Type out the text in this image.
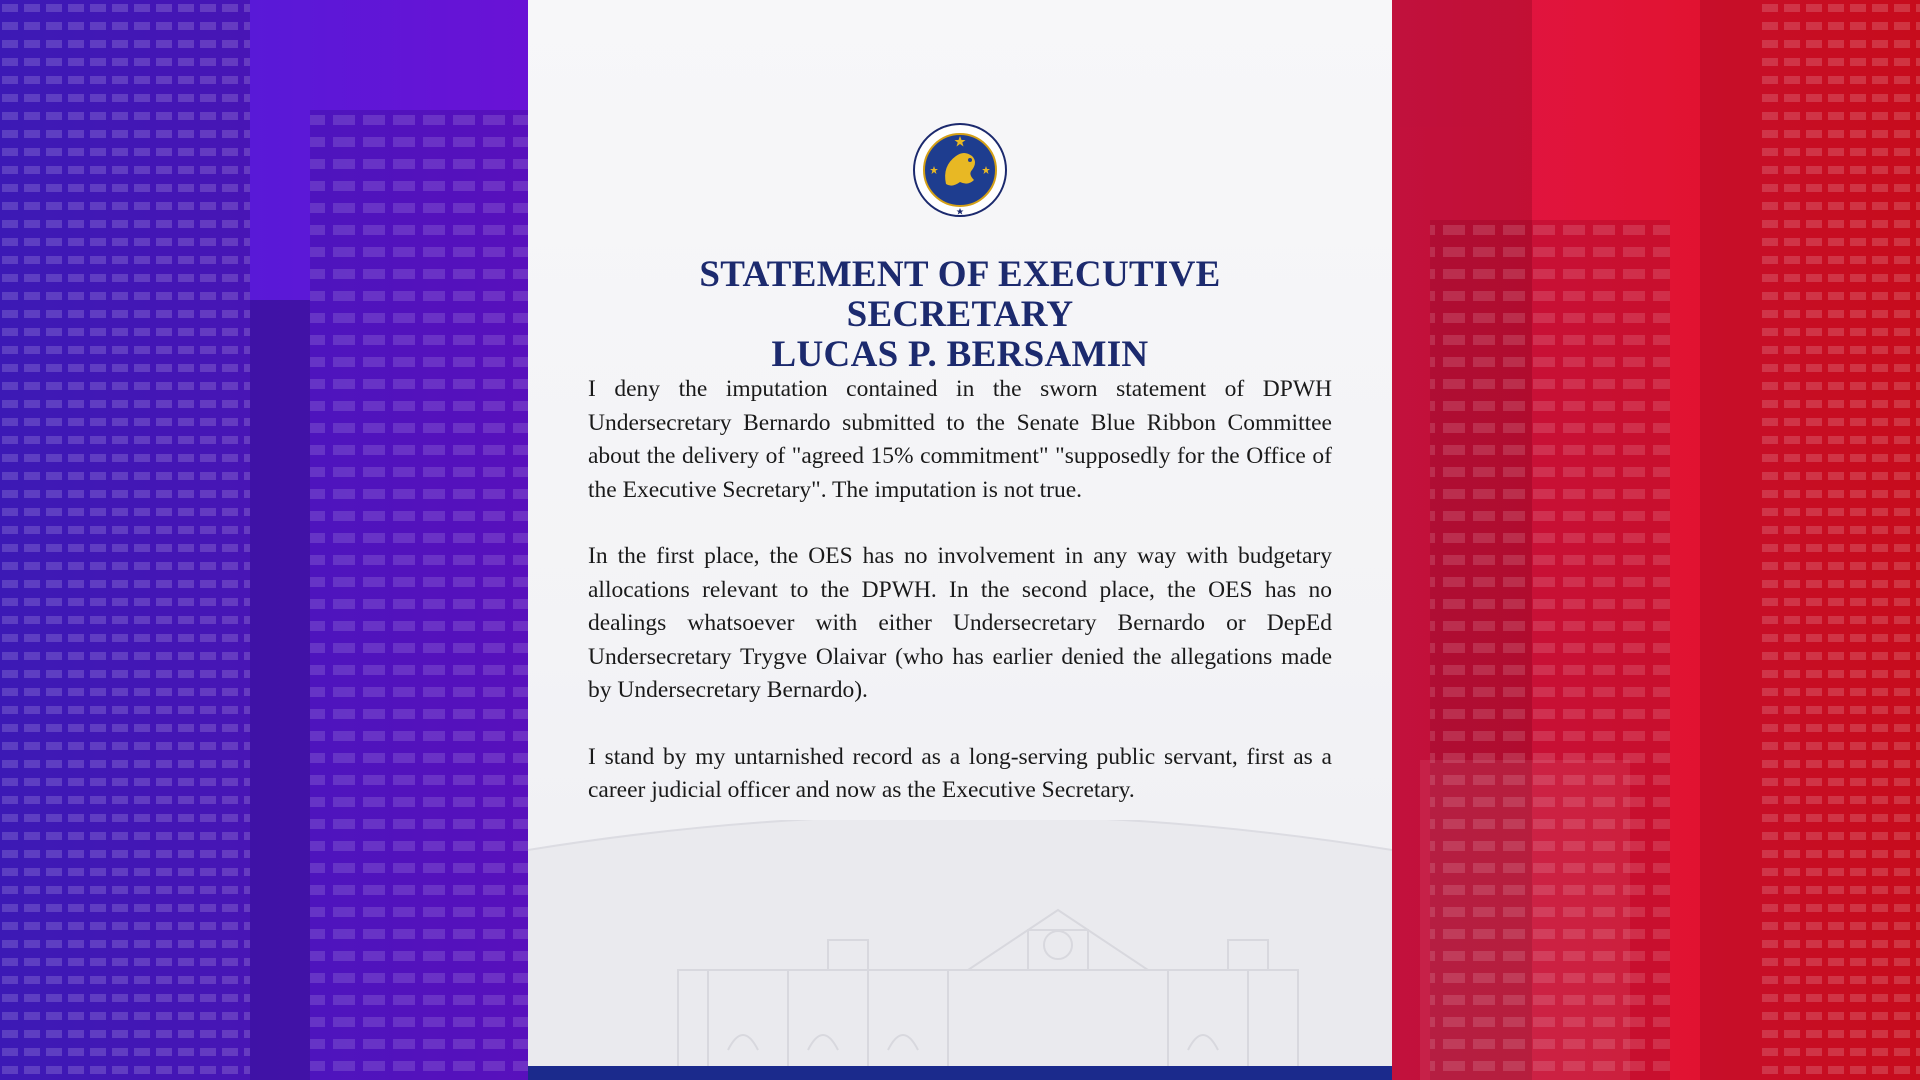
STATEMENT OF EXECUTIVE SECRETARY
LUCAS P. BERSAMIN

I deny the imputation contained in the sworn statement of DPWH Undersecretary Bernardo submitted to the Senate Blue Ribbon Committee about the delivery of "agreed 15% commitment" "supposedly for the Office of the Executive Secretary". The imputation is not true.

In the first place, the OES has no involvement in any way with budgetary allocations relevant to the DPWH. In the second place, the OES has no dealings whatsoever with either Undersecretary Bernardo or DepEd Undersecretary Trygve Olaivar (who has earlier denied the allegations made by Undersecretary Bernardo).

I stand by my untarnished record as a long-serving public servant, first as a career judicial officer and now as the Executive Secretary.
